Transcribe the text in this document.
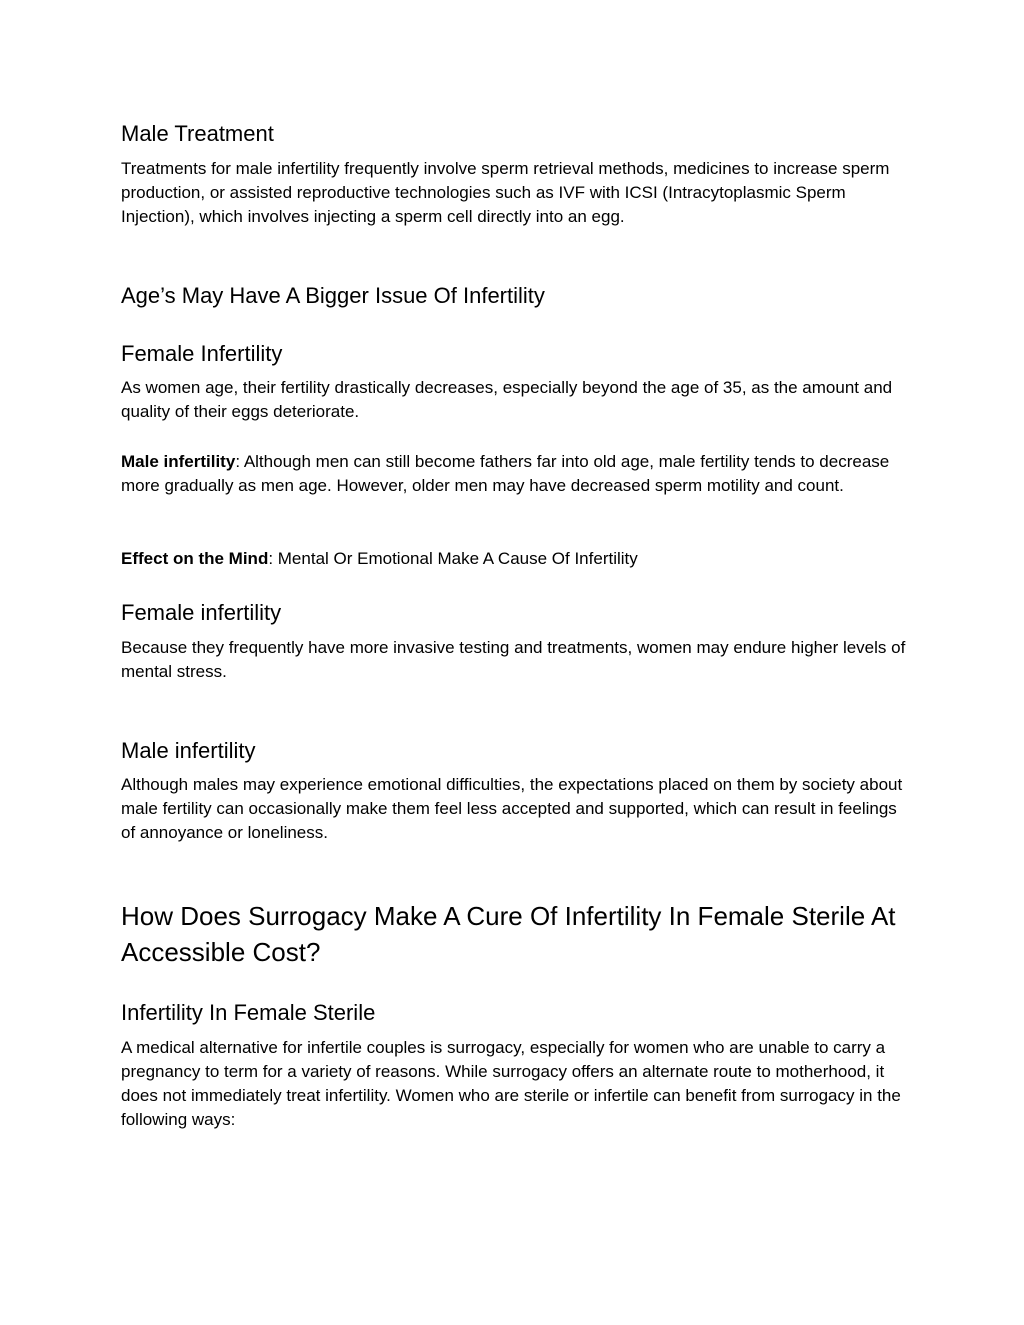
Male Treatment

Treatments for male infertility frequently involve sperm retrieval methods, medicines to increase sperm production, or assisted reproductive technologies such as IVF with ICSI (Intracytoplasmic Sperm Injection), which involves injecting a sperm cell directly into an egg.

Age’s May Have A Bigger Issue Of Infertility
Female Infertility

As women age, their fertility drastically decreases, especially beyond the age of 35, as the amount and quality of their eggs deteriorate.

Male infertility: Although men can still become fathers far into old age, male fertility tends to decrease more gradually as men age. However, older men may have decreased sperm motility and count.

Effect on the Mind: Mental Or Emotional Make A Cause Of Infertility

Female infertility

Because they frequently have more invasive testing and treatments, women may endure higher levels of mental stress.

Male infertility

Although males may experience emotional difficulties, the expectations placed on them by society about male fertility can occasionally make them feel less accepted and supported, which can result in feelings of annoyance or loneliness.

How Does Surrogacy Make A Cure Of Infertility In Female Sterile At Accessible Cost?
Infertility In Female Sterile

A medical alternative for infertile couples is surrogacy, especially for women who are unable to carry a pregnancy to term for a variety of reasons. While surrogacy offers an alternate route to motherhood, it does not immediately treat infertility. Women who are sterile or infertile can benefit from surrogacy in the following ways:
